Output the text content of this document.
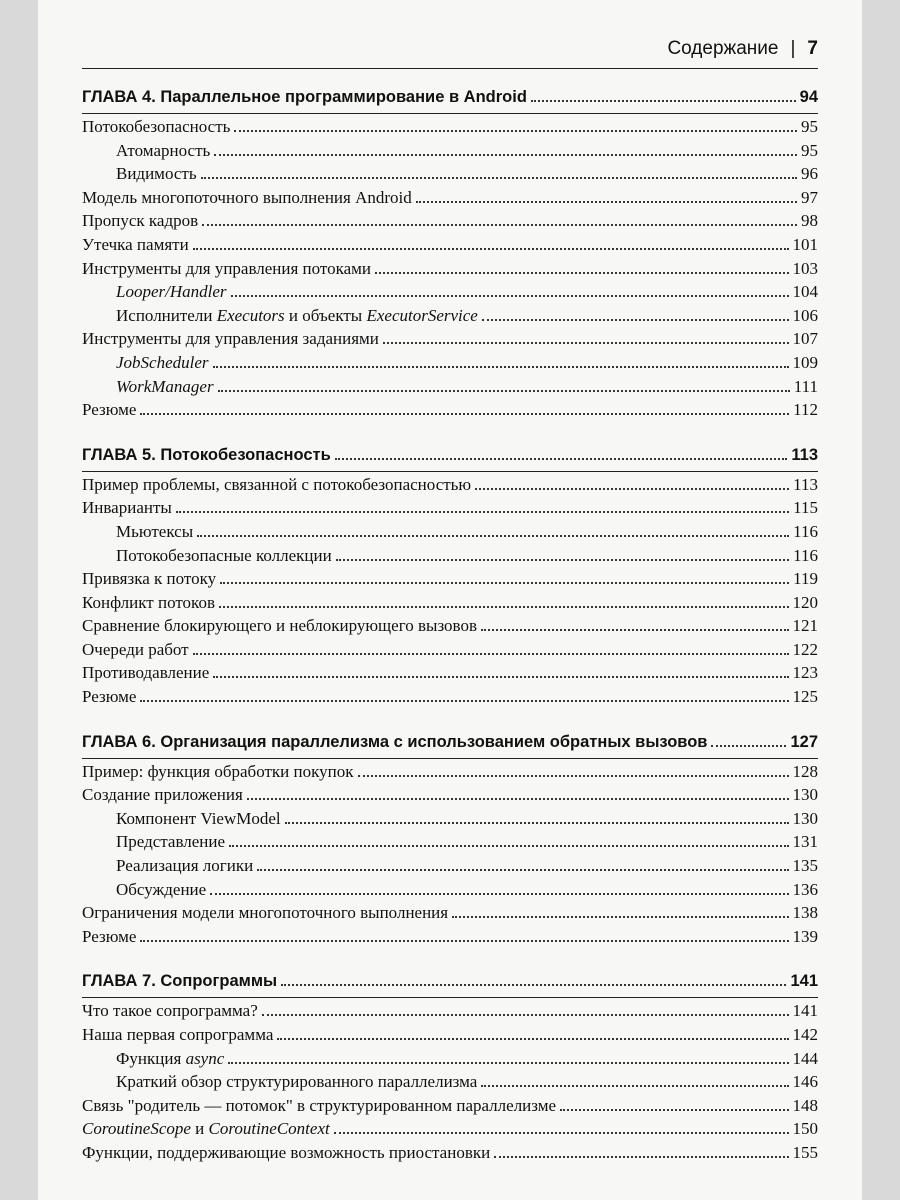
Содержание | 7
ГЛАВА 4. Параллельное программирование в Android	94
Потокобезопасность	95
Атомарность	95
Видимость	96
Модель многопоточного выполнения Android	97
Пропуск кадров	98
Утечка памяти	101
Инструменты для управления потоками	103
Looper/Handler	104
Исполнители Executors и объекты ExecutorService	106
Инструменты для управления заданиями	107
JobScheduler	109
WorkManager	111
Резюме	112
ГЛАВА 5. Потокобезопасность	113
Пример проблемы, связанной с потокобезопасностью	113
Инварианты	115
Мьютексы	116
Потокобезопасные коллекции	116
Привязка к потоку	119
Конфликт потоков	120
Сравнение блокирующего и неблокирующего вызовов	121
Очереди работ	122
Противодавление	123
Резюме	125
ГЛАВА 6. Организация параллелизма с использованием обратных вызовов	127
Пример: функция обработки покупок	128
Создание приложения	130
Компонент ViewModel	130
Представление	131
Реализация логики	135
Обсуждение	136
Ограничения модели многопоточного выполнения	138
Резюме	139
ГЛАВА 7. Сопрограммы	141
Что такое сопрограмма?	141
Наша первая сопрограмма	142
Функция async	144
Краткий обзор структурированного параллелизма	146
Связь "родитель — потомок" в структурированном параллелизме	148
CoroutineScope и CoroutineContext	150
Функции, поддерживающие возможность приостановки	155
